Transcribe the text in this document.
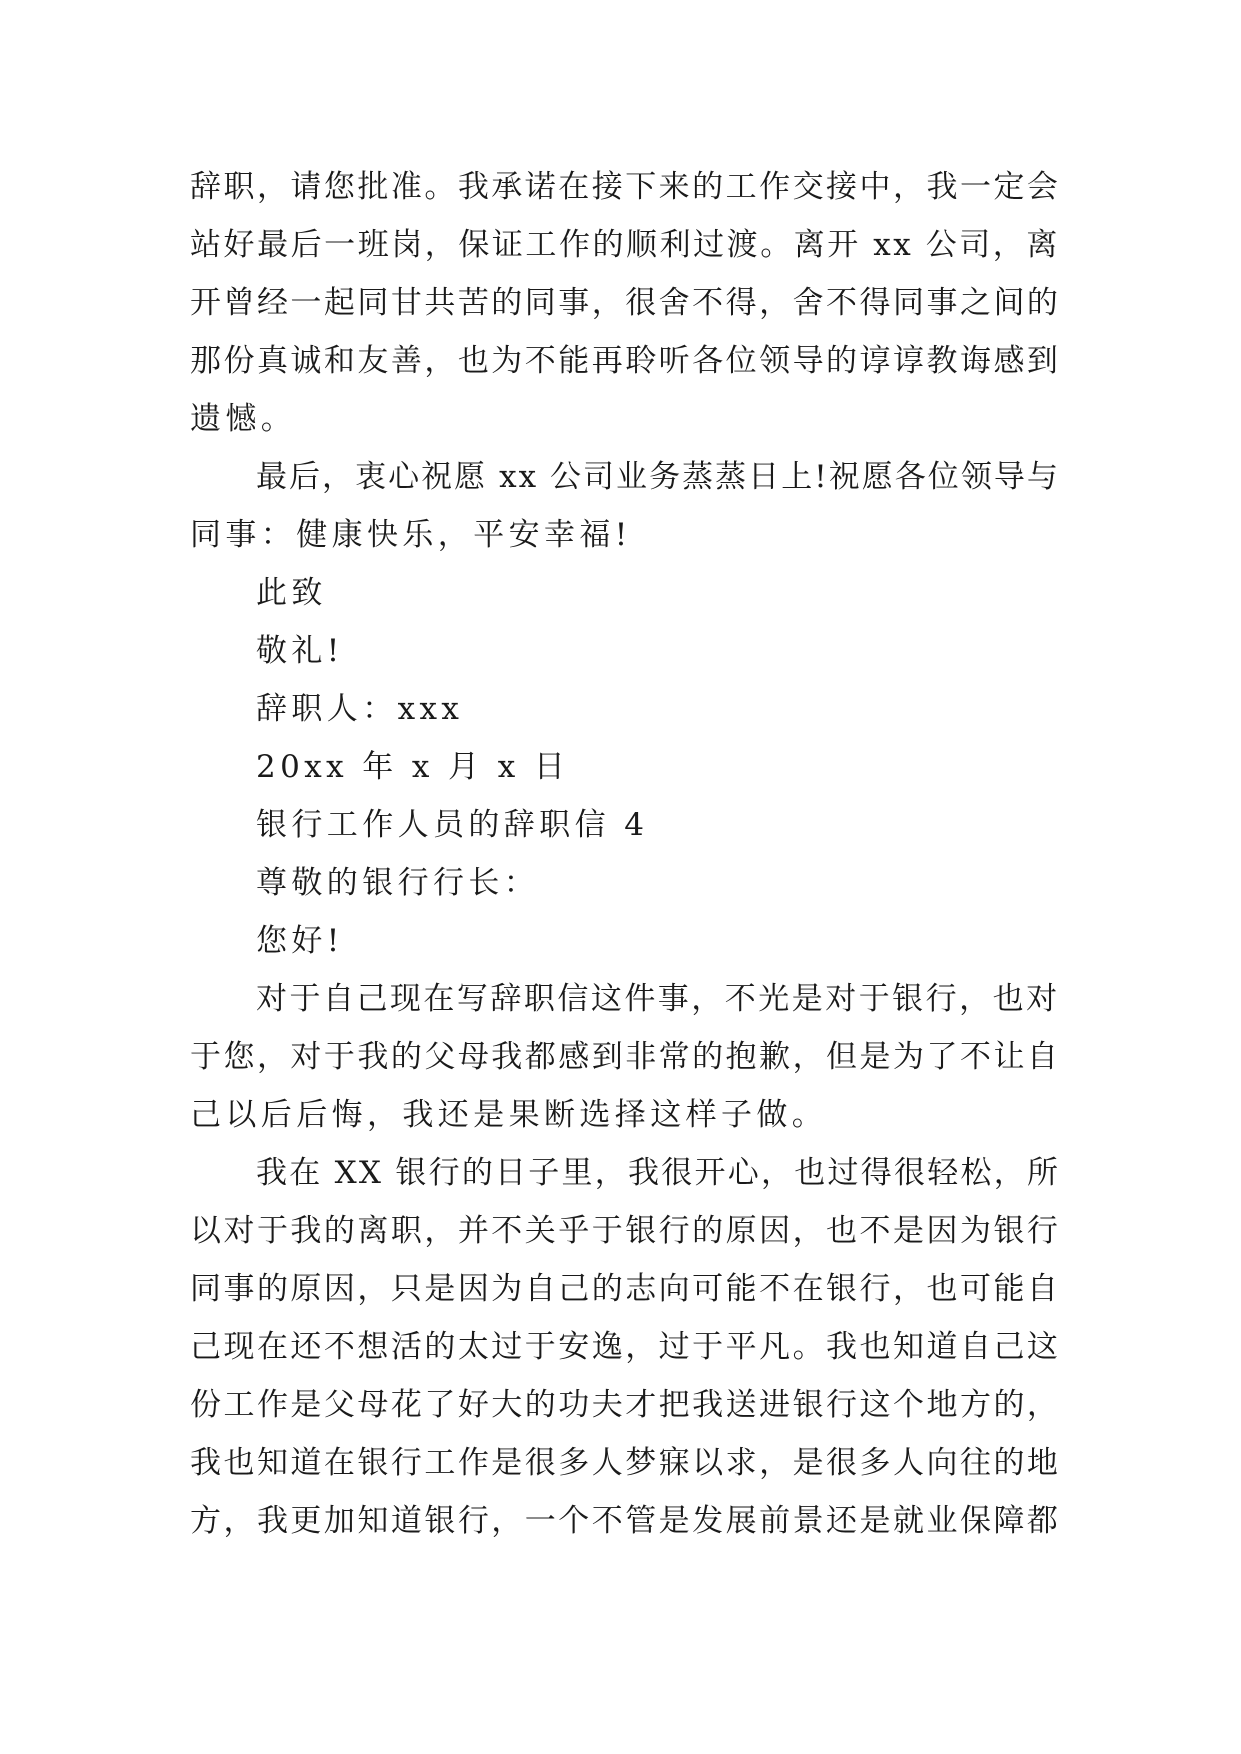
辞职，请您批准。我承诺在接下来的工作交接中，我一定会
站好最后一班岗，保证工作的顺利过渡。离开 xx 公司，离
开曾经一起同甘共苦的同事，很舍不得，舍不得同事之间的
那份真诚和友善，也为不能再聆听各位领导的谆谆教诲感到
遗憾。
最后，衷心祝愿 xx 公司业务蒸蒸日上!祝愿各位领导与
同事：健康快乐，平安幸福!
此致
敬礼!
辞职人：xxx
20xx 年 x 月 x 日
银行工作人员的辞职信 4
尊敬的银行行长：
您好!
对于自己现在写辞职信这件事，不光是对于银行，也对
于您，对于我的父母我都感到非常的抱歉，但是为了不让自
己以后后悔，我还是果断选择这样子做。
我在 XX 银行的日子里，我很开心，也过得很轻松，所
以对于我的离职，并不关乎于银行的原因，也不是因为银行
同事的原因，只是因为自己的志向可能不在银行，也可能自
己现在还不想活的太过于安逸，过于平凡。我也知道自己这
份工作是父母花了好大的功夫才把我送进银行这个地方的，
我也知道在银行工作是很多人梦寐以求，是很多人向往的地
方，我更加知道银行，一个不管是发展前景还是就业保障都
